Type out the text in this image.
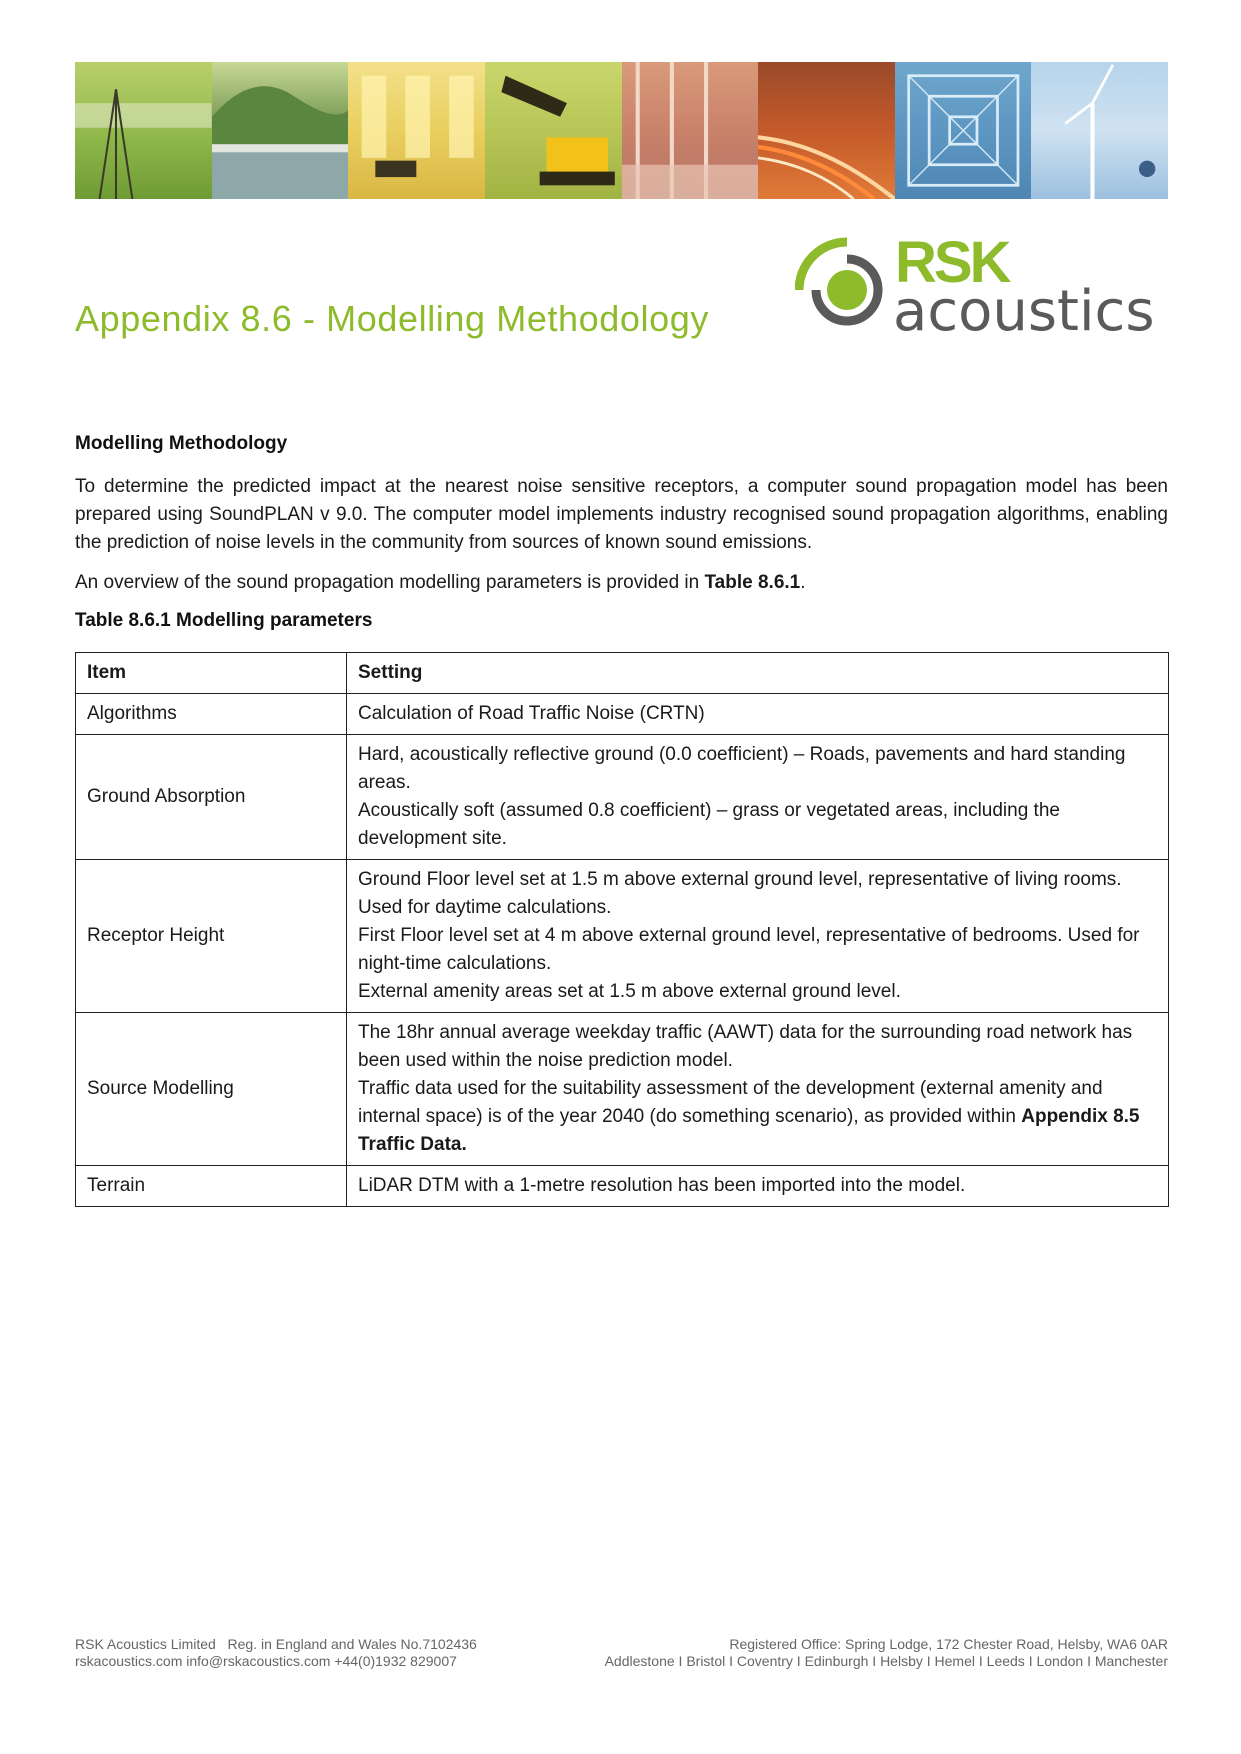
Appendix 8.6 - Modelling Methodology
RSK
acoustics
Modelling Methodology

To determine the predicted impact at the nearest noise sensitive receptors, a computer sound propagation model has been prepared using SoundPLAN v 9.0. The computer model implements industry recognised sound propagation algorithms, enabling the prediction of noise levels in the community from sources of known sound emissions.

An overview of the sound propagation modelling parameters is provided in Table 8.6.1.

Table 8.6.1 Modelling parameters

Item	Setting
Algorithms	Calculation of Road Traffic Noise (CRTN)

Ground Absorption	Hard, acoustically reflective ground (0.0 coefficient) – Roads, pavements and hard standing areas.
Acoustically soft (assumed 0.8 coefficient) – grass or vegetated areas, including the development site.

Receptor Height	Ground Floor level set at 1.5 m above external ground level, representative of living rooms. Used for daytime calculations.
First Floor level set at 4 m above external ground level, representative of bedrooms. Used for night-time calculations.
External amenity areas set at 1.5 m above external ground level.

Source Modelling	The 18hr annual average weekday traffic (AAWT) data for the surrounding road network has been used within the noise prediction model.
Traffic data used for the suitability assessment of the development (external amenity and internal space) is of the year 2040 (do something scenario), as provided within Appendix 8.5 Traffic Data.

Terrain	LiDAR DTM with a 1-metre resolution has been imported into the model.
RSK Acoustics Limited   Reg. in England and Wales No.7102436
rskacoustics.com info@rskacoustics.com +44(0)1932 829007
Registered Office: Spring Lodge, 172 Chester Road, Helsby, WA6 0AR
Addlestone I Bristol I Coventry I Edinburgh I Helsby I Hemel I Leeds I London I Manchester
